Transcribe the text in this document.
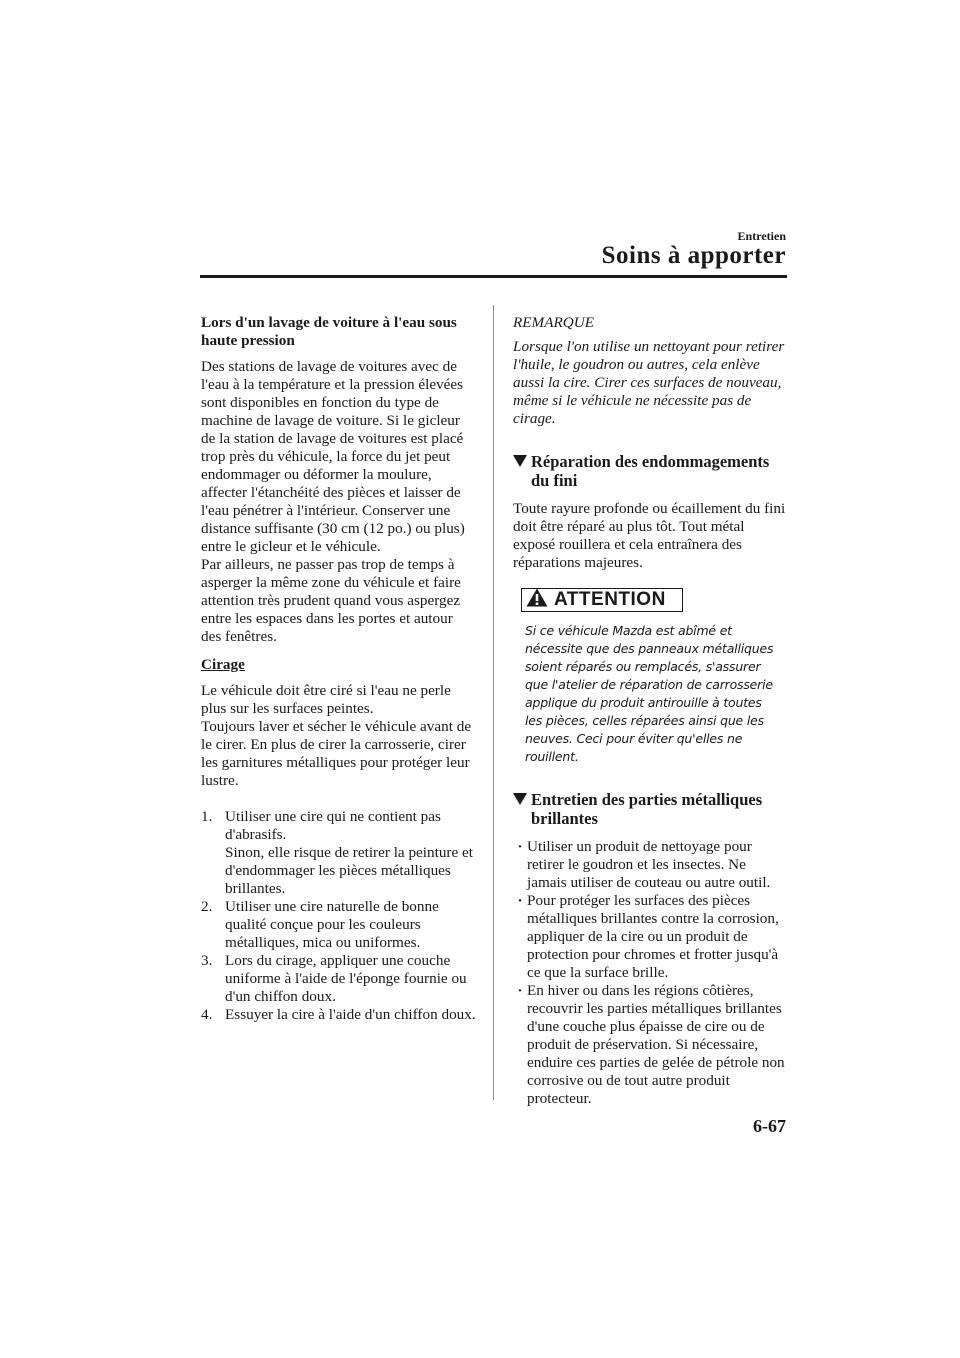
Entretien
Soins à apporter
Lors d'un lavage de voiture à l'eau sous haute pression

Des stations de lavage de voitures avec de l'eau à la température et la pression élevées sont disponibles en fonction du type de machine de lavage de voiture. Si le gicleur de la station de lavage de voitures est placé trop près du véhicule, la force du jet peut endommager ou déformer la moulure, affecter l'étanchéité des pièces et laisser de l'eau pénétrer à l'intérieur. Conserver une distance suffisante (30 cm (12 po.) ou plus) entre le gicleur et le véhicule.

Par ailleurs, ne passer pas trop de temps à asperger la même zone du véhicule et faire attention très prudent quand vous aspergez entre les espaces dans les portes et autour des fenêtres.

Cirage

Le véhicule doit être ciré si l'eau ne perle plus sur les surfaces peintes.

Toujours laver et sécher le véhicule avant de le cirer. En plus de cirer la carrosserie, cirer les garnitures métalliques pour protéger leur lustre.

1. Utiliser une cire qui ne contient pas d'abrasifs.
Sinon, elle risque de retirer la peinture et d'endommager les pièces métalliques brillantes.
2. Utiliser une cire naturelle de bonne qualité conçue pour les couleurs métalliques, mica ou uniformes.
3. Lors du cirage, appliquer une couche uniforme à l'aide de l'éponge fournie ou d'un chiffon doux.
4. Essuyer la cire à l'aide d'un chiffon doux.
REMARQUE

Lorsque l'on utilise un nettoyant pour retirer l'huile, le goudron ou autres, cela enlève aussi la cire. Cirer ces surfaces de nouveau, même si le véhicule ne nécessite pas de cirage.

Réparation des endommagements du fini

Toute rayure profonde ou écaillement du fini doit être réparé au plus tôt. Tout métal exposé rouillera et cela entraînera des réparations majeures.

ATTENTION

Si ce véhicule Mazda est abîmé et nécessite que des panneaux métalliques soient réparés ou remplacés, s'assurer que l'atelier de réparation de carrosserie applique du produit antirouille à toutes les pièces, celles réparées ainsi que les neuves. Ceci pour éviter qu'elles ne rouillent.

Entretien des parties métalliques brillantes
· Utiliser un produit de nettoyage pour retirer le goudron et les insectes. Ne jamais utiliser de couteau ou autre outil.
· Pour protéger les surfaces des pièces métalliques brillantes contre la corrosion, appliquer de la cire ou un produit de protection pour chromes et frotter jusqu'à ce que la surface brille.
· En hiver ou dans les régions côtières, recouvrir les parties métalliques brillantes d'une couche plus épaisse de cire ou de produit de préservation. Si nécessaire, enduire ces parties de gelée de pétrole non corrosive ou de tout autre produit protecteur.
6-67
